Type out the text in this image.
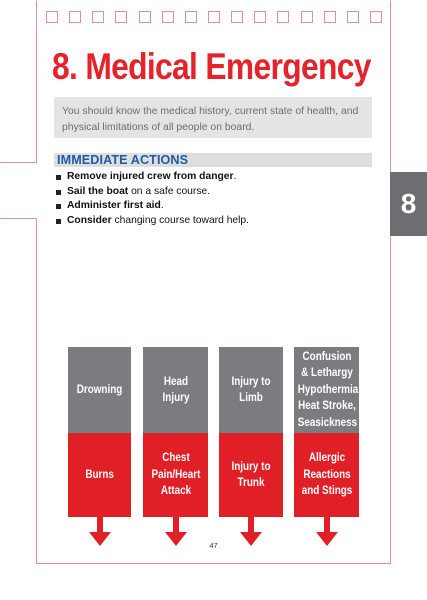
8. Medical Emergency
You should know the medical history, current state of health, and physical limitations of all people on board.
IMMEDIATE ACTIONS
Remove injured crew from danger.
Sail the boat on a safe course.
Administer first aid.
Consider changing course toward help.
8
Drowning
Burns
Head Injury
Chest Pain/Heart Attack
Injury to Limb
Injury to Trunk
Confusion & Lethargy Hypothermia, Heat Stroke, Seasickness
Allergic Reactions and Stings
47
